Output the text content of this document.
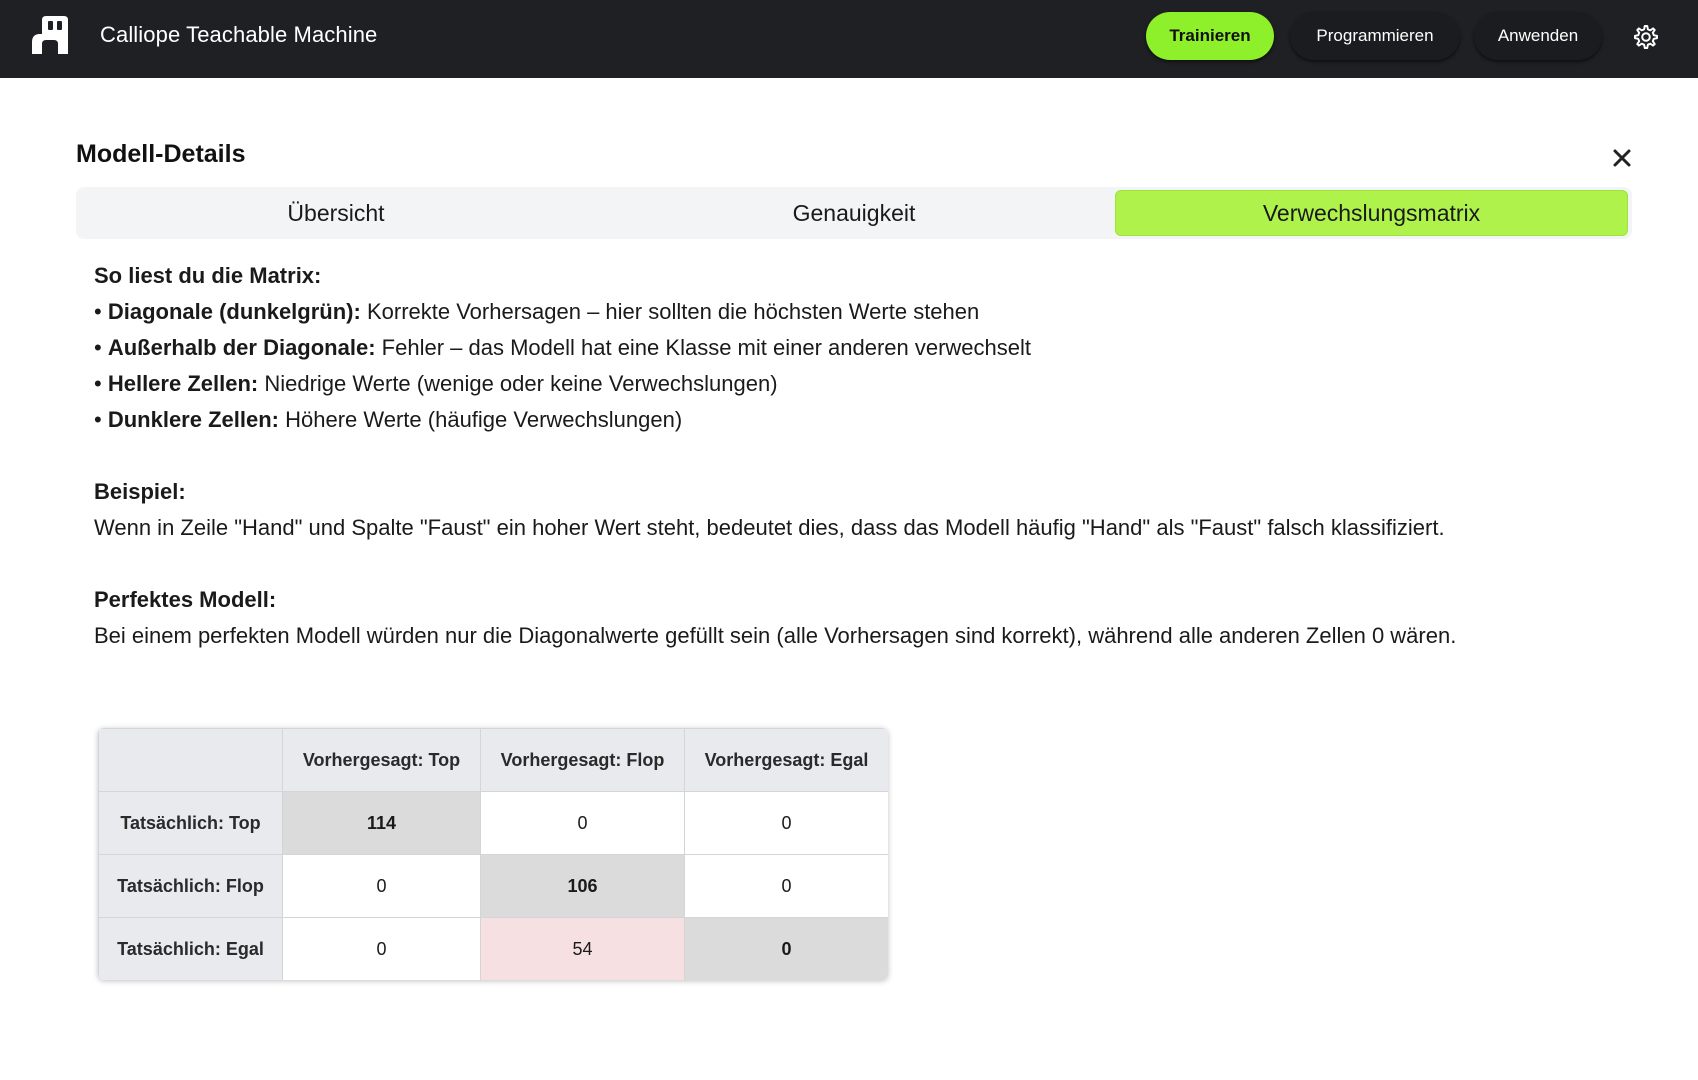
Calliope Teachable Machine	Trainieren	Programmieren	Anwenden
Modell-Details
Übersicht	Genauigkeit	Verwechslungsmatrix

So liest du die Matrix:

• Diagonale (dunkelgrün): Korrekte Vorhersagen – hier sollten die höchsten Werte stehen

• Außerhalb der Diagonale: Fehler – das Modell hat eine Klasse mit einer anderen verwechselt

• Hellere Zellen: Niedrige Werte (wenige oder keine Verwechslungen)

• Dunklere Zellen: Höhere Werte (häufige Verwechslungen)

Beispiel:

Wenn in Zeile "Hand" und Spalte "Faust" ein hoher Wert steht, bedeutet dies, dass das Modell häufig "Hand" als "Faust" falsch klassifiziert.

Perfektes Modell:

Bei einem perfekten Modell würden nur die Diagonalwerte gefüllt sein (alle Vorhersagen sind korrekt), während alle anderen Zellen 0 wären.

	Vorhergesagt: Top	Vorhergesagt: Flop	Vorhergesagt: Egal
Tatsächlich: Top	114	0	0
Tatsächlich: Flop	0	106	0
Tatsächlich: Egal	0	54	0
